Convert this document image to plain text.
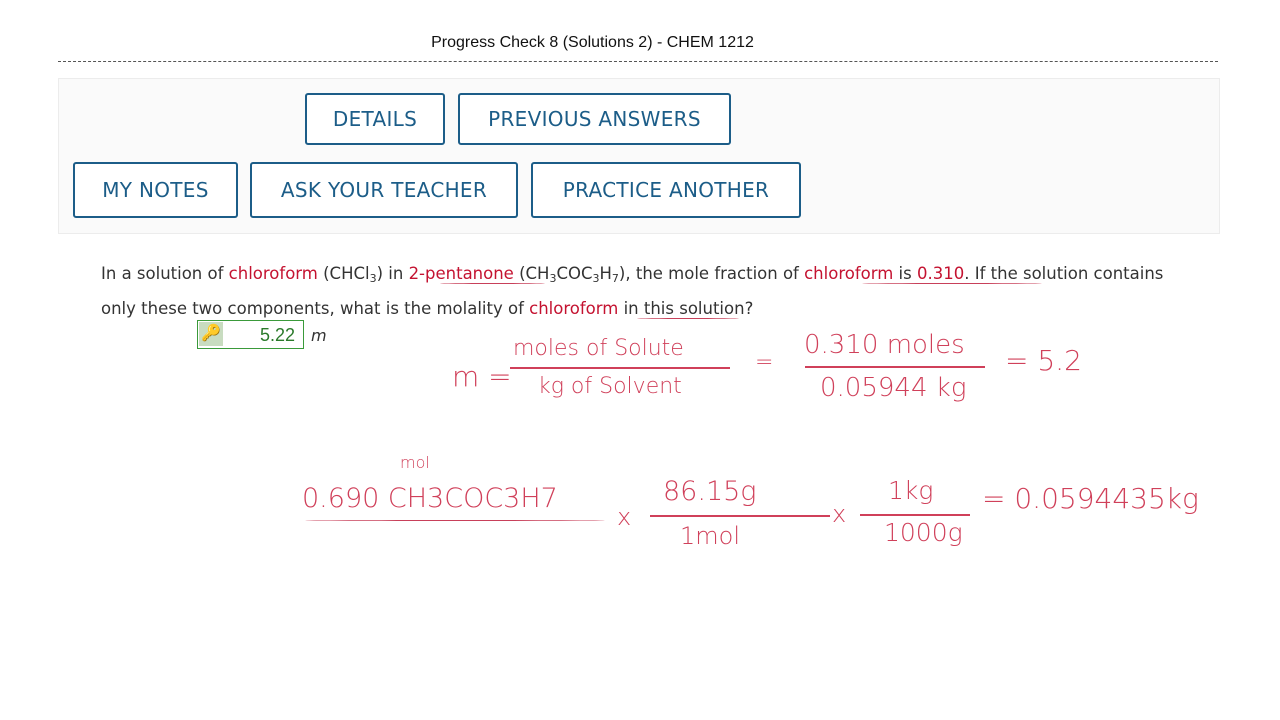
Progress Check 8 (Solutions 2) - CHEM 1212
DETAILS	PREVIOUS ANSWERS
MY NOTES	ASK YOUR TEACHER	PRACTICE ANOTHER
In a solution of chloroform (CHCl$_3$) in 2-pentanone $(CH_3COC_3H_7)$, the mole fraction of chloroform is 0.310. If the solution contains only these two components, what is the molality of chloroform in this solution?
🔑 5.22	m
m =
moles of Solute
kg of Solvent
=
0.310 moles
0.05944 kg
= 5.2
mol
0.690 CH3COC3H7
x
86.15g
1mol
x
1kg
1000g
= 0.0594435kg
